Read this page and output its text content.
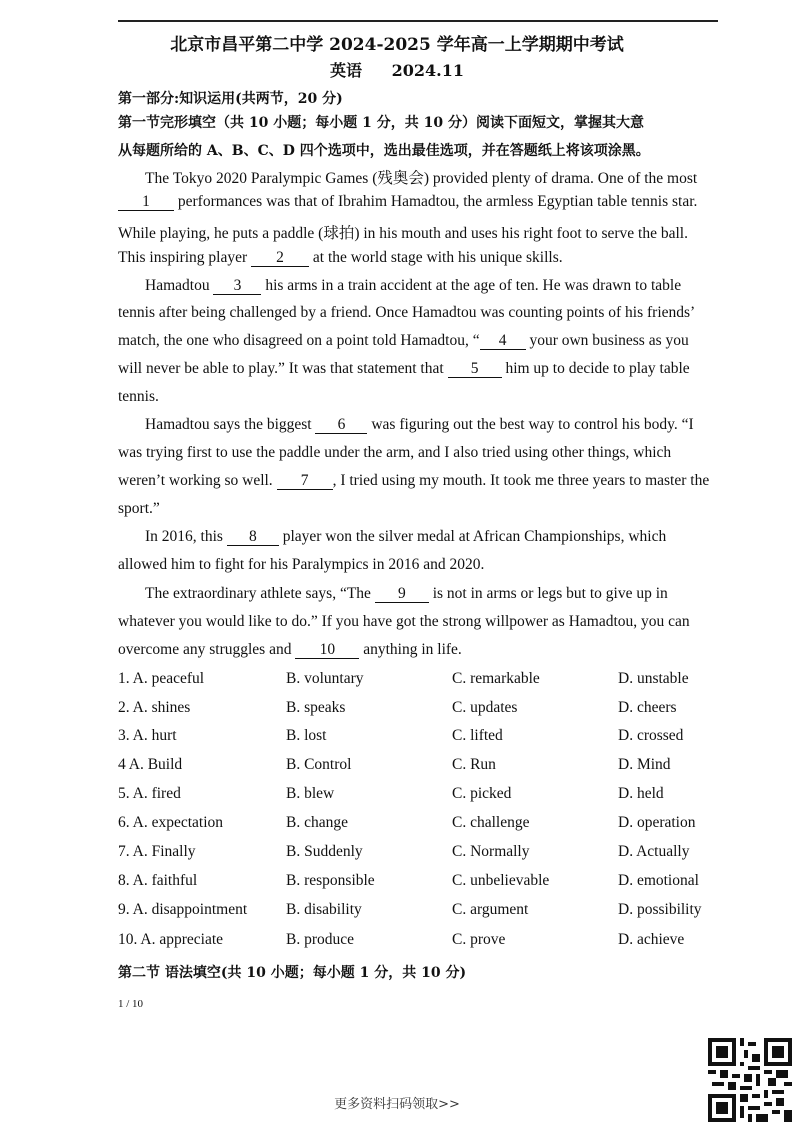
北京市昌平第二中学 2024-2025 学年高一上学期期中考试
英语 2024.11
第一部分:知识运用(共两节，20 分)
第一节完形填空（共 10 小题；每小题 1 分，共 10 分）阅读下面短文，掌握其大意
从每题所给的 A、B、C、D 四个选项中，选出最佳选项，并在答题纸上将该项涂黑。
The Tokyo 2020 Paralympic Games (残奥会) provided plenty of drama. One of the most
1 performances was that of Ibrahim Hamadtou, the armless Egyptian table tennis star.
While playing, he puts a paddle (球拍) in his mouth and uses his right foot to serve the ball.
This inspiring player 2 at the world stage with his unique skills.
Hamadtou 3 his arms in a train accident at the age of ten. He was drawn to table
tennis after being challenged by a friend. Once Hamadtou was counting points of his friends’
match, the one who disagreed on a point told Hamadtou, “ 4 your own business as you
will never be able to play.” It was that statement that 5 him up to decide to play table
tennis.
Hamadtou says the biggest 6 was figuring out the best way to control his body. “I
was trying first to use the paddle under the arm, and I also tried using other things, which
weren’t working so well. 7 , I tried using my mouth. It took me three years to master the
sport.”
In 2016, this 8 player won the silver medal at African Championships, which
allowed him to fight for his Paralympics in 2016 and 2020.
The extraordinary athlete says, “The 9 is not in arms or legs but to give up in
whatever you would like to do.” If you have got the strong willpower as Hamadtou, you can
overcome any struggles and 10 anything in life.
1. A. peaceful	B. voluntary	C. remarkable	D. unstable
2. A. shines	B. speaks	C. updates	D. cheers
3. A. hurt	B. lost	C. lifted	D. crossed
4 A. Build	B. Control	C. Run	D. Mind
5. A. fired	B. blew	C. picked	D. held
6. A. expectation	B. change	C. challenge	D. operation
7. A. Finally	B. Suddenly	C. Normally	D. Actually
8. A. faithful	B. responsible	C. unbelievable	D. emotional
9. A. disappointment	B. disability	C. argument	D. possibility
10. A. appreciate	B. produce	C. prove	D. achieve
第二节 语法填空(共 10 小题；每小题 1 分，共 10 分)
1 / 10
更多资料扫码领取>>
